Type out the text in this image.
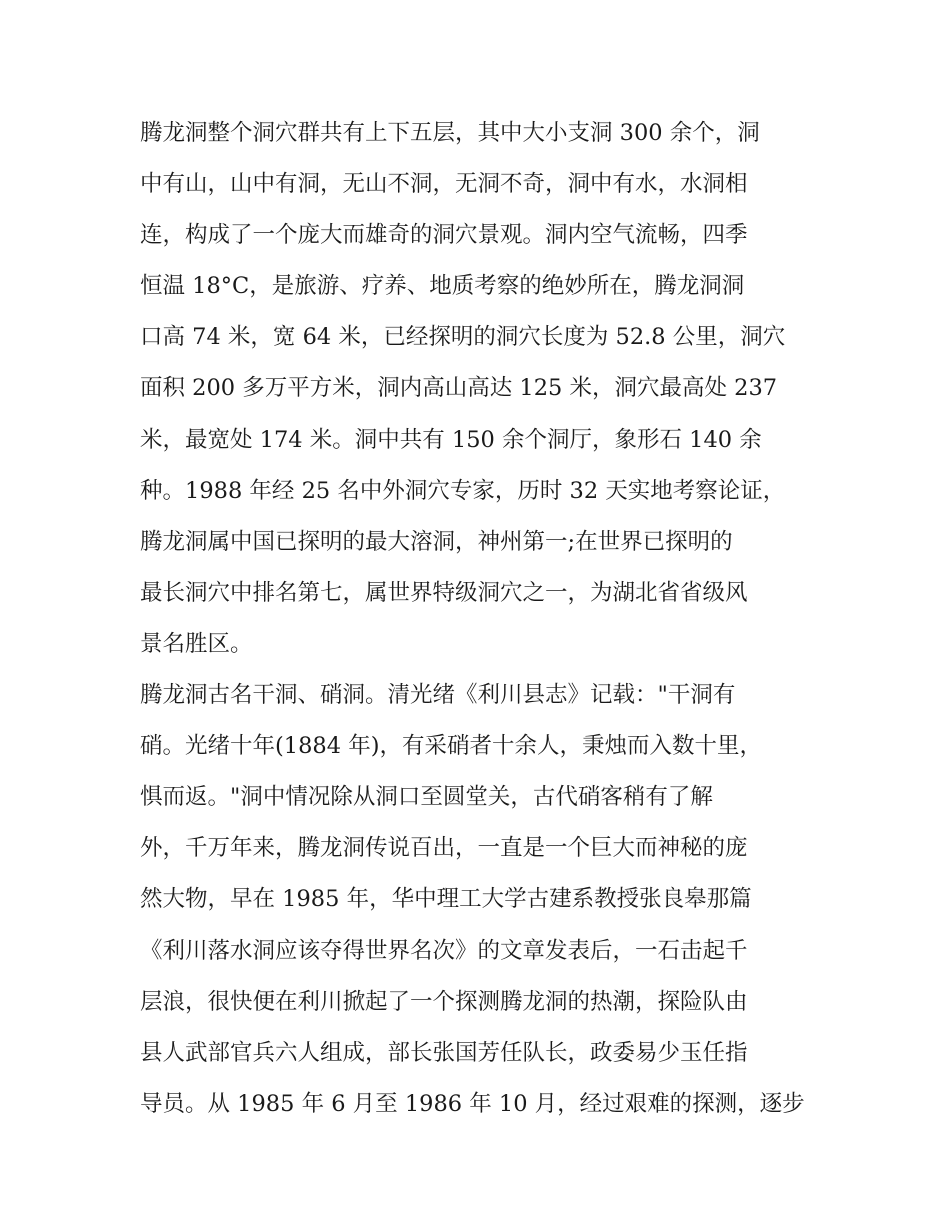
腾龙洞整个洞穴群共有上下五层，其中大小支洞 300 余个，洞
中有山，山中有洞，无山不洞，无洞不奇，洞中有水，水洞相
连，构成了一个庞大而雄奇的洞穴景观。洞内空气流畅，四季
恒温 18°C，是旅游、疗养、地质考察的绝妙所在，腾龙洞洞
口高 74 米，宽 64 米，已经探明的洞穴长度为 52.8 公里，洞穴
面积 200 多万平方米，洞内高山高达 125 米，洞穴最高处 237
米，最宽处 174 米。洞中共有 150 余个洞厅，象形石 140 余
种。1988 年经 25 名中外洞穴专家，历时 32 天实地考察论证，
腾龙洞属中国已探明的最大溶洞，神州第一;在世界已探明的
最长洞穴中排名第七，属世界特级洞穴之一，为湖北省省级风
景名胜区。
腾龙洞古名干洞、硝洞。清光绪《利川县志》记载："干洞有
硝。光绪十年(1884 年)，有采硝者十余人，秉烛而入数十里，
惧而返。"洞中情况除从洞口至圆堂关，古代硝客稍有了解
外，千万年来，腾龙洞传说百出，一直是一个巨大而神秘的庞
然大物，早在 1985 年，华中理工大学古建系教授张良皋那篇
《利川落水洞应该夺得世界名次》的文章发表后，一石击起千
层浪，很快便在利川掀起了一个探测腾龙洞的热潮，探险队由
县人武部官兵六人组成，部长张国芳任队长，政委易少玉任指
导员。从 1985 年 6 月至 1986 年 10 月，经过艰难的探测，逐步
